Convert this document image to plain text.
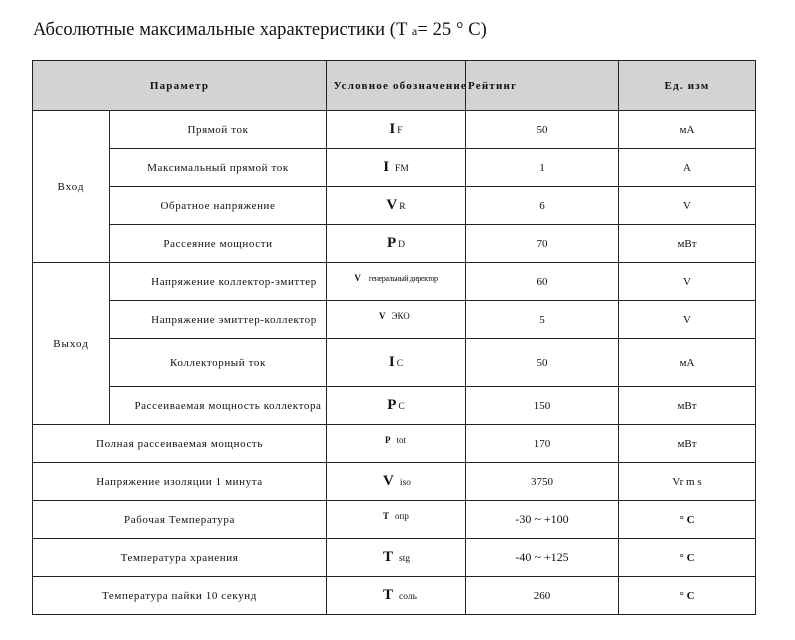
Абсолютные максимальные характеристики (T a= 25 ° C)
Параметр		Условное обозначение	Рейтинг	Ед. изм
Вход	Прямой ток	I F	50	мА
	Максимальный прямой ток	I FM	1	A
	Обратное напряжение	V R	6	V
	Рассеяние мощности	P D	70	мВт
Выход	Напряжение коллектор-эмиттер	V генеральный директор	60	V
	Напряжение эмиттер-коллектор	V ЭКО	5	V
	Коллекторный ток	I C	50	мА
	Рассеиваемая мощность коллектора	P C	150	мВт
Полная рассеиваемая мощность		P tot	170	мВт
Напряжение изоляции 1 минута		V iso	3750	Vr m s
Рабочая Температура		T опр	-30 ~ +100	° C
Температура хранения		T stg	-40 ~ +125	° C
Температура пайки 10 секунд		T соль	260	° C
